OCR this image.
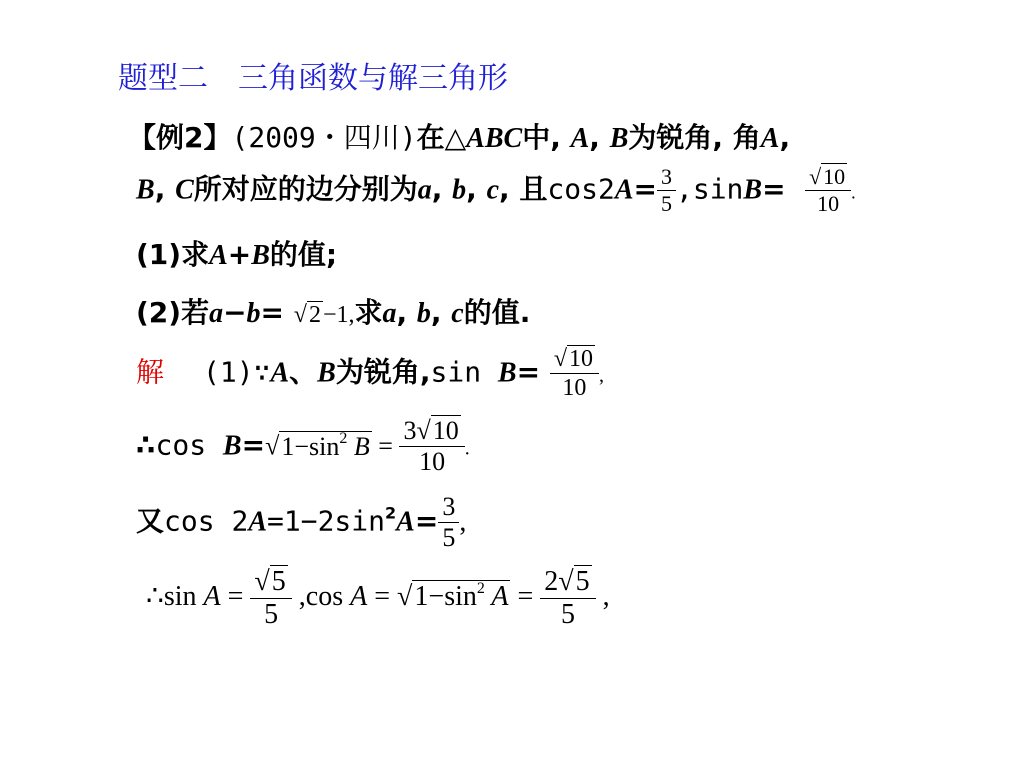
题型二　三角函数与解三角形
【例2】(2009・四川)在△ABC中, A, B为锐角, 角A,
B, C所对应的边分别为a, b, c, 且$\cos 2A= \frac{3}{5} ,\sin B= \frac{√10}{10}$ .
(1)求A+B的值;
(2)若a−b= √2−1,求a, b, c的值.
解 (1)∵A、B为锐角,sin $B= \frac{√10}{10}$ ,
∴cos $B=√1-\sin^2$ $B = \frac{3√10}{10}$ .
又$\cos 2A=1-2\sin^2A= \frac{3}{5}$ ,
∴sin $A = \frac{√5}{5} ,\cos$ $A = √1-\sin^2$ $A = \frac{2√5}{5}$ ,
